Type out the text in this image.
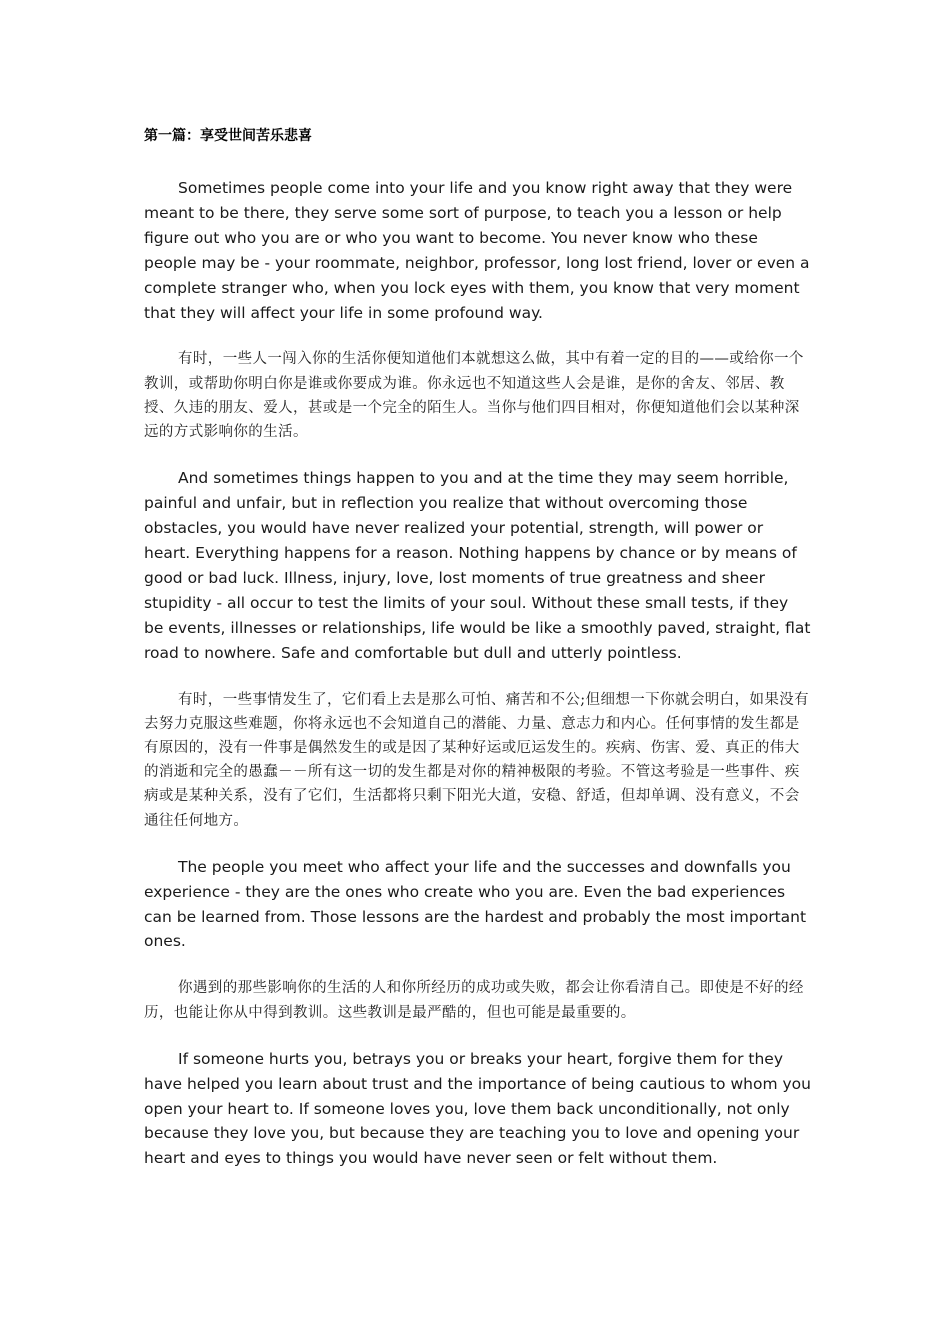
第一篇：享受世间苦乐悲喜

Sometimes people come into your life and you know right away that they were meant to be there, they serve some sort of purpose, to teach you a lesson or help figure out who you are or who you want to become. You never know who these people may be - your roommate, neighbor, professor, long lost friend, lover or even a complete stranger who, when you lock eyes with them, you know that very moment that they will affect your life in some profound way.

有时，一些人一闯入你的生活你便知道他们本就想这么做，其中有着一定的目的——或给你一个教训，或帮助你明白你是谁或你要成为谁。你永远也不知道这些人会是谁，是你的舍友、邻居、教授、久违的朋友、爱人，甚或是一个完全的陌生人。当你与他们四目相对，你便知道他们会以某种深远的方式影响你的生活。

And sometimes things happen to you and at the time they may seem horrible, painful and unfair, but in reflection you realize that without overcoming those obstacles, you would have never realized your potential, strength, will power or heart. Everything happens for a reason. Nothing happens by chance or by means of good or bad luck. Illness, injury, love, lost moments of true greatness and sheer stupidity - all occur to test the limits of your soul. Without these small tests, if they be events, illnesses or relationships, life would be like a smoothly paved, straight, flat road to nowhere. Safe and comfortable but dull and utterly pointless.

有时，一些事情发生了，它们看上去是那么可怕、痛苦和不公;但细想一下你就会明白，如果没有去努力克服这些难题，你将永远也不会知道自己的潜能、力量、意志力和内心。任何事情的发生都是有原因的，没有一件事是偶然发生的或是因了某种好运或厄运发生的。疾病、伤害、爱、真正的伟大的消逝和完全的愚蠢－－所有这一切的发生都是对你的精神极限的考验。不管这考验是一些事件、疾病或是某种关系，没有了它们，生活都将只剩下阳光大道，安稳、舒适，但却单调、没有意义，不会通往任何地方。

The people you meet who affect your life and the successes and downfalls you experience - they are the ones who create who you are. Even the bad experiences can be learned from. Those lessons are the hardest and probably the most important ones.

你遇到的那些影响你的生活的人和你所经历的成功或失败，都会让你看清自己。即使是不好的经历，也能让你从中得到教训。这些教训是最严酷的，但也可能是最重要的。

If someone hurts you, betrays you or breaks your heart, forgive them for they have helped you learn about trust and the importance of being cautious to whom you open your heart to. If someone loves you, love them back unconditionally, not only because they love you, but because they are teaching you to love and opening your heart and eyes to things you would have never seen or felt without them.
